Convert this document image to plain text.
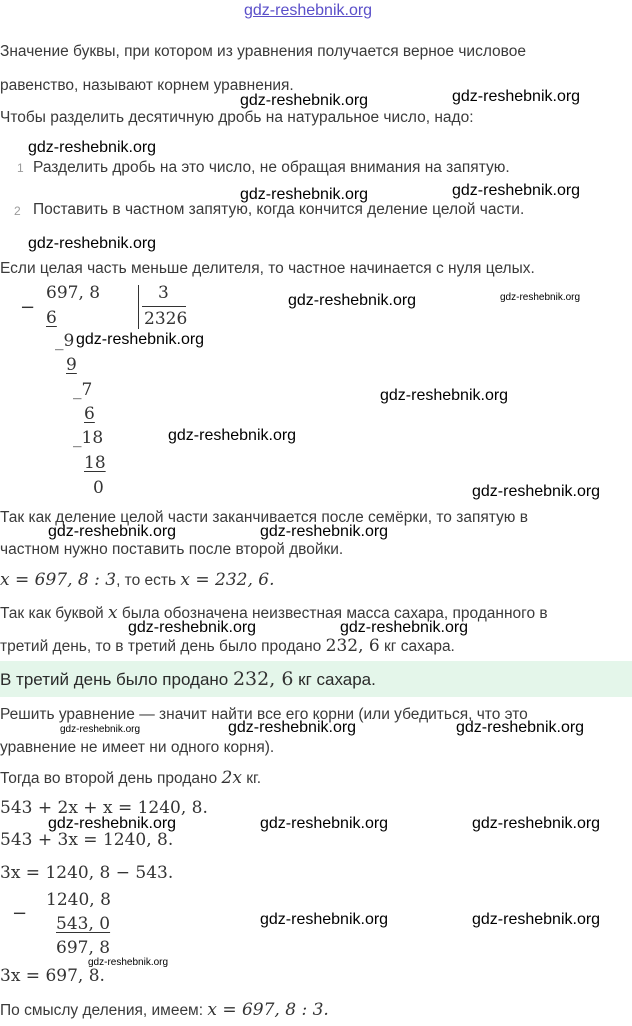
gdz-reshebnik.org
Значение буквы, при котором из уравнения получается верное числовое
равенство, называют корнем уравнения.
Чтобы разделить десятичную дробь на натуральное число, надо:
1 Разделить дробь на это число, не обращая внимания на запятую.
2 Поставить в частном запятую, когда кончится деление целой части.
Если целая часть меньше делителя, то частное начинается с нуля целых.
−
697, 8	3
2326
6
_9
9
_7
6
_18
18
0
Так как деление целой части заканчивается после семёрки, то запятую в
частном нужно поставить после второй двойки.
x = 697, 8 : 3, то есть x = 232, 6.
Так как буквой x была обозначена неизвестная масса сахара, проданного в
третий день, то в третий день было продано 232, 6 кг сахара.
В третий день было продано 232, 6 кг сахара.
Решить уравнение — значит найти все его корни (или убедиться, что это
уравнение не имеет ни одного корня).
Тогда во второй день продано 2x кг.
543 + 2x + x = 1240, 8.
543 + 3x = 1240, 8.
3x = 1240, 8 − 543.
−
1240, 8
543, 0
697, 8
3x = 697, 8.
По смыслу деления, имеем: x = 697, 8 : 3.
gdz-reshebnik.org	gdz-reshebnik.org
gdz-reshebnik.org
gdz-reshebnik.org	gdz-reshebnik.org
gdz-reshebnik.org
gdz-reshebnik.org	gdz-reshebnik.org
gdz-reshebnik.org
gdz-reshebnik.org
gdz-reshebnik.org
gdz-reshebnik.org
gdz-reshebnik.org	gdz-reshebnik.org
gdz-reshebnik.org	gdz-reshebnik.org
gdz-reshebnik.org	gdz-reshebnik.org	gdz-reshebnik.org
gdz-reshebnik.org	gdz-reshebnik.org	gdz-reshebnik.org
gdz-reshebnik.org	gdz-reshebnik.org
gdz-reshebnik.org
